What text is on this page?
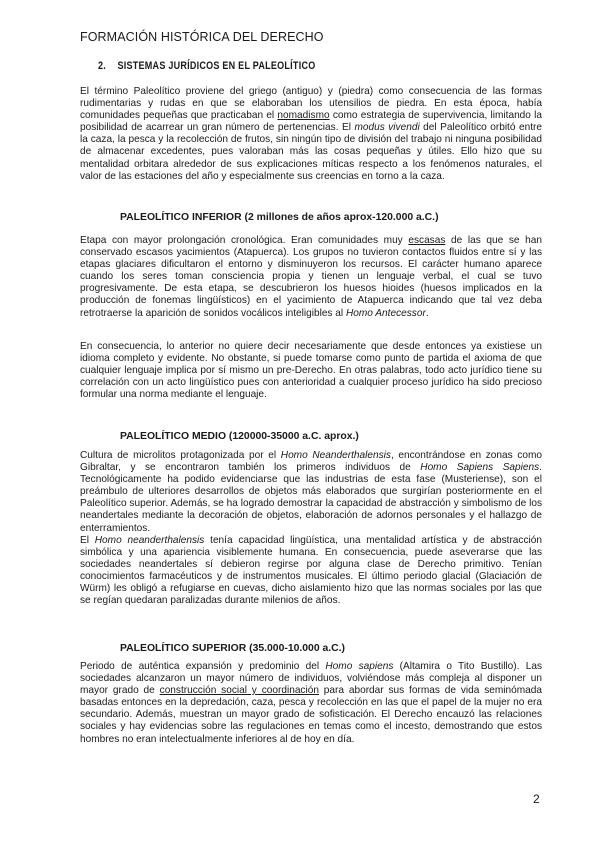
FORMACIÓN HISTÓRICA DEL DERECHO
2. SISTEMAS JURÍDICOS EN EL PALEOLÍTICO

El término Paleolítico proviene del griego (antiguo) y (piedra) como consecuencia de las formas rudimentarias y rudas en que se elaboraban los utensilios de piedra. En esta época, había comunidades pequeñas que practicaban el nomadismo como estrategia de supervivencia, limitando la posibilidad de acarrear un gran número de pertenencias. El modus vivendi del Paleolítico orbitó entre la caza, la pesca y la recolección de frutos, sin ningún tipo de división del trabajo ni ninguna posibilidad de almacenar excedentes, pues valoraban más las cosas pequeñas y útiles. Ello hizo que su mentalidad orbitara alrededor de sus explicaciones míticas respecto a los fenómenos naturales, el valor de las estaciones del año y especialmente sus creencias en torno a la caza.

PALEOLÍTICO INFERIOR (2 millones de años aprox-120.000 a.C.)

Etapa con mayor prolongación cronológica. Eran comunidades muy escasas de las que se han conservado escasos yacimientos (Atapuerca). Los grupos no tuvieron contactos fluidos entre sí y las etapas glaciares dificultaron el entorno y disminuyeron los recursos. El carácter humano aparece cuando los seres toman consciencia propia y tienen un lenguaje verbal, el cual se tuvo progresivamente. De esta etapa, se descubrieron los huesos hioides (huesos implicados en la producción de fonemas lingüísticos) en el yacimiento de Atapuerca indicando que tal vez deba retrotraerse la aparición de sonidos vocálicos inteligibles al Homo Antecessor.

En consecuencia, lo anterior no quiere decir necesariamente que desde entonces ya existiese un idioma completo y evidente. No obstante, si puede tomarse como punto de partida el axioma de que cualquier lenguaje implica por sí mismo un pre-Derecho. En otras palabras, todo acto jurídico tiene su correlación con un acto lingüístico pues con anterioridad a cualquier proceso jurídico ha sido precioso formular una norma mediante el lenguaje.

PALEOLÍTICO MEDIO (120000-35000 a.C. aprox.)

Cultura de microlitos protagonizada por el Homo Neanderthalensis, encontrándose en zonas como Gibraltar, y se encontraron también los primeros individuos de Homo Sapiens Sapiens. Tecnológicamente ha podido evidenciarse que las industrias de esta fase (Musteriense), son el preámbulo de ulteriores desarrollos de objetos más elaborados que surgirían posteriormente en el Paleolítico superior. Además, se ha logrado demostrar la capacidad de abstracción y simbolismo de los neandertales mediante la decoración de objetos, elaboración de adornos personales y el hallazgo de enterramientos.
El Homo neanderthalensis tenía capacidad lingüística, una mentalidad artística y de abstracción simbólica y una apariencia visiblemente humana. En consecuencia, puede aseverarse que las sociedades neandertales sí debieron regirse por alguna clase de Derecho primitivo. Tenían conocimientos farmacéuticos y de instrumentos musicales. El último periodo glacial (Glaciación de Würm) les obligó a refugiarse en cuevas, dicho aislamiento hizo que las normas sociales por las que se regían quedaran paralizadas durante milenios de años.

PALEOLÍTICO SUPERIOR (35.000-10.000 a.C.)

Periodo de auténtica expansión y predominio del Homo sapiens (Altamira o Tito Bustillo). Las sociedades alcanzaron un mayor número de individuos, volviéndose más compleja al disponer un mayor grado de construcción social y coordinación para abordar sus formas de vida seminómada basadas entonces en la depredación, caza, pesca y recolección en las que el papel de la mujer no era secundario. Además, muestran un mayor grado de sofisticación. El Derecho encauzó las relaciones sociales y hay evidencias sobre las regulaciones en temas como el incesto, demostrando que estos hombres no eran intelectualmente inferiores al de hoy en día.

2
